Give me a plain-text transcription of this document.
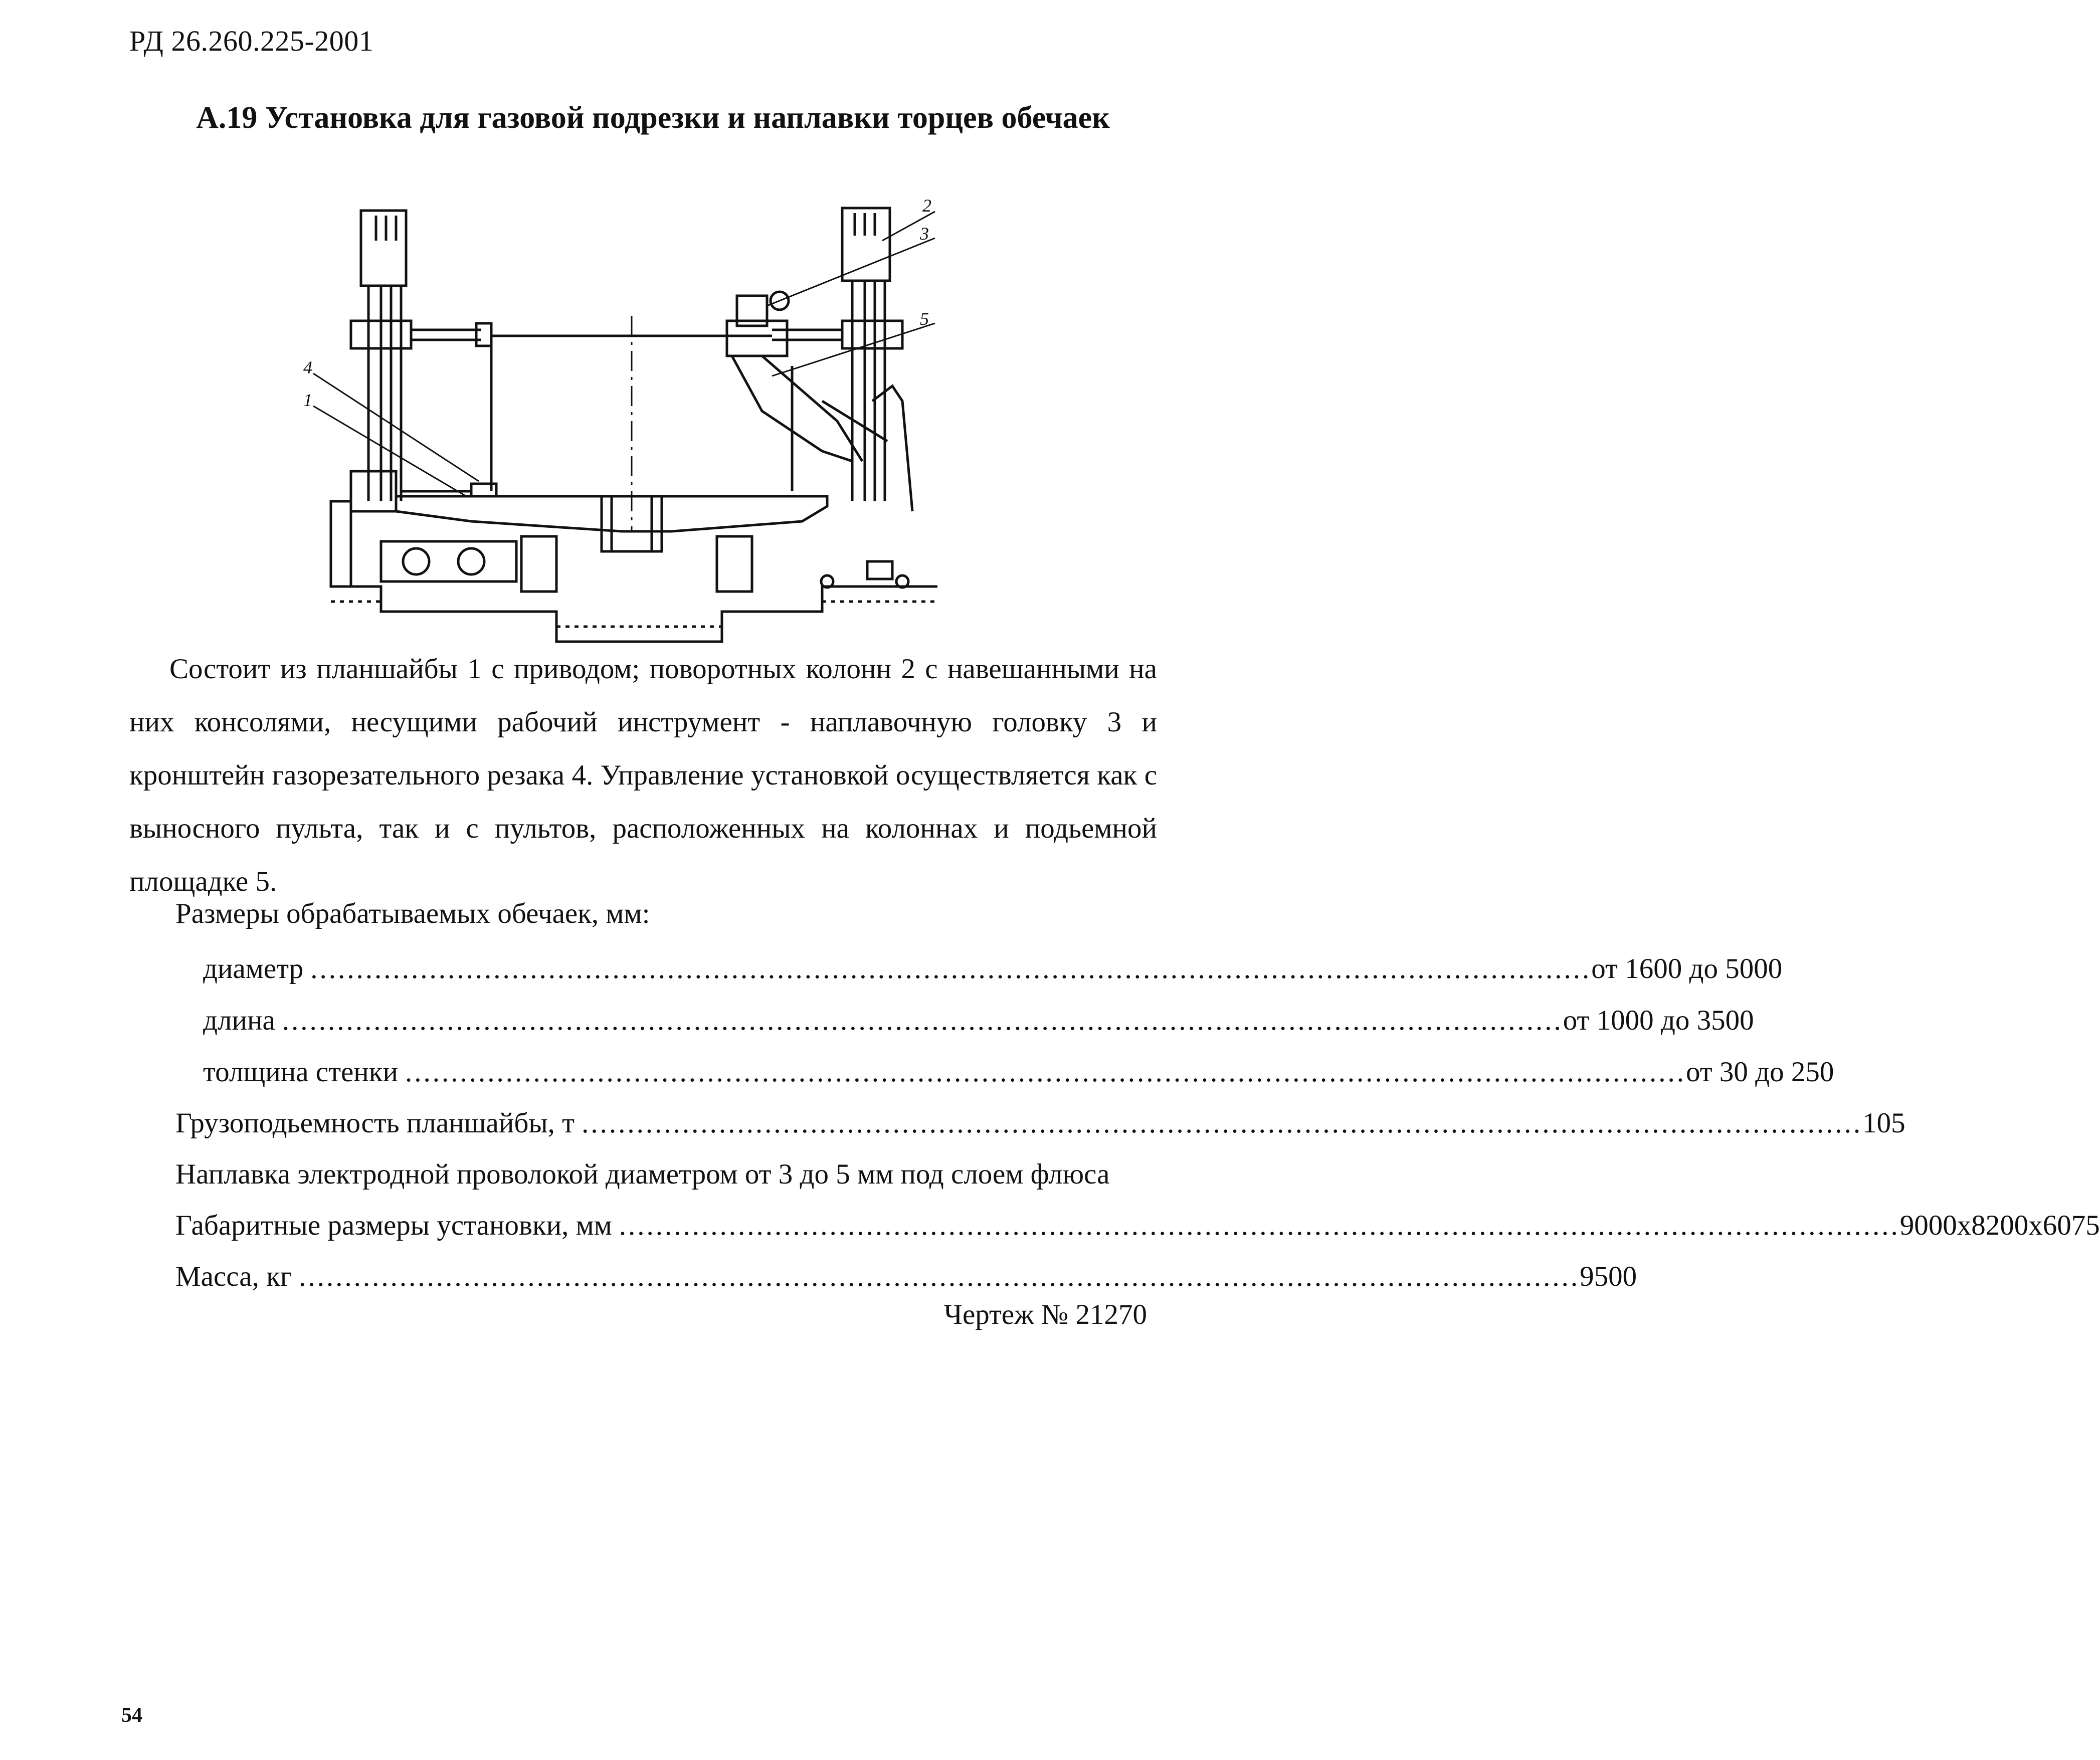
РД 26.260.225-2001
А.19 Установка для газовой подрезки и наплавки торцев обечаек
4
1
2
3
5

Состоит из планшайбы 1 с приводом; поворотных колонн 2 с навешанными на них консолями, несущими рабочий инструмент - наплавочную головку 3 и кронштейн газорезательного резака 4. Управление установкой осуществляется как с выносного пульта, так и с пультов, расположенных на колоннах и подьемной площадке 5.

Размеры обрабатываемых обечаек, мм:
диаметр ............................................................................................................................................ от 1600 до 5000
длина ............................................................................................................................................ от 1000 до 3500
толщина стенки ............................................................................................................................................ от 30 до 250
Грузоподьемность планшайбы, т ............................................................................................................................................ 105
Наплавка электродной проволокой диаметром от 3 до 5 мм под слоем флюса
Габаритные размеры установки, мм ............................................................................................................................................ 9000х8200х6075
Масса, кг ............................................................................................................................................ 9500
Чертеж № 21270
54
